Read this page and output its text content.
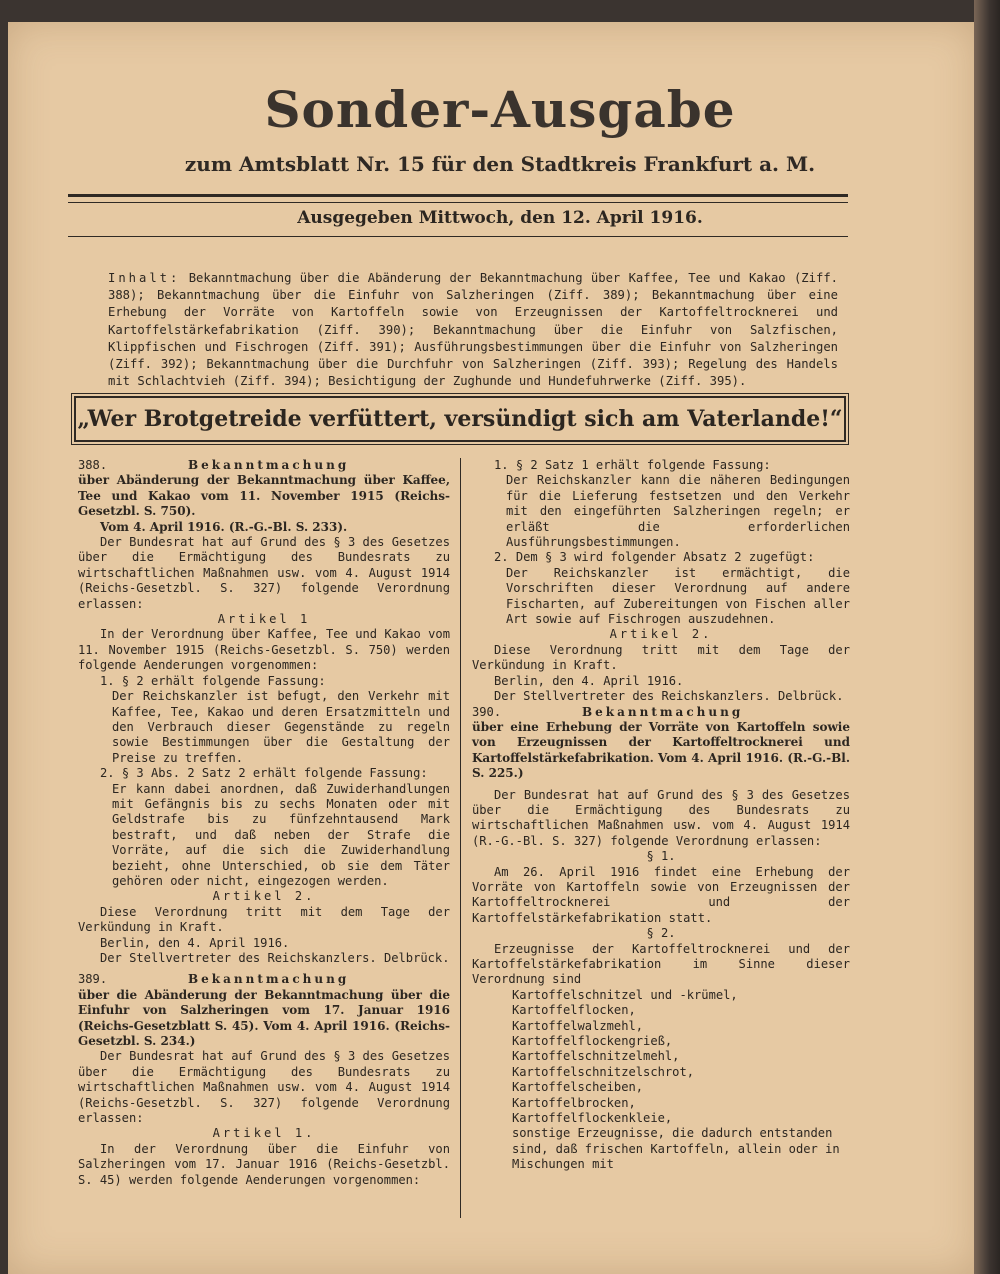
Sonder-Ausgabe
zum Amtsblatt Nr. 15 für den Stadtkreis Frankfurt a. M.
Ausgegeben Mittwoch, den 12. April 1916.
Inhalt: Bekanntmachung über die Abänderung der Bekanntmachung über Kaffee, Tee und Kakao (Ziff. 388); Bekanntmachung über die Einfuhr von Salzheringen (Ziff. 389); Bekanntmachung über eine Erhebung der Vorräte von Kartoffeln sowie von Erzeugnissen der Kartoffeltrocknerei und Kartoffelstärkefabrikation (Ziff. 390); Bekanntmachung über die Einfuhr von Salzfischen, Klippfischen und Fischrogen (Ziff. 391); Ausführungsbestimmungen über die Einfuhr von Salzheringen (Ziff. 392); Bekanntmachung über die Durchfuhr von Salzheringen (Ziff. 393); Regelung des Handels mit Schlachtvieh (Ziff. 394); Besichtigung der Zughunde und Hundefuhrwerke (Ziff. 395).
„Wer Brotgetreide verfüttert, versündigt sich am Vaterlande!“

388.	Bekanntmachung

über Abänderung der Bekanntmachung über Kaffee, Tee und Kakao vom 11. November 1915 (Reichs-Gesetzbl. S. 750).

Vom 4. April 1916. (R.-G.-Bl. S. 233).

Der Bundesrat hat auf Grund des § 3 des Gesetzes über die Ermächtigung des Bundesrats zu wirtschaftlichen Maßnahmen usw. vom 4. August 1914 (Reichs-Gesetzbl. S. 327) folgende Verordnung erlassen:

Artikel 1

In der Verordnung über Kaffee, Tee und Kakao vom 11. November 1915 (Reichs-Gesetzbl. S. 750) werden folgende Aenderungen vorgenommen:

1. § 2 erhält folgende Fassung:

Der Reichskanzler ist befugt, den Verkehr mit Kaffee, Tee, Kakao und deren Ersatzmitteln und den Verbrauch dieser Gegenstände zu regeln sowie Bestimmungen über die Gestaltung der Preise zu treffen.

2. § 3 Abs. 2 Satz 2 erhält folgende Fassung:

Er kann dabei anordnen, daß Zuwiderhandlungen mit Gefängnis bis zu sechs Monaten oder mit Geldstrafe bis zu fünfzehntausend Mark bestraft, und daß neben der Strafe die Vorräte, auf die sich die Zuwiderhandlung bezieht, ohne Unterschied, ob sie dem Täter gehören oder nicht, eingezogen werden.

Artikel 2.

Diese Verordnung tritt mit dem Tage der Verkündung in Kraft.

Berlin, den 4. April 1916.

Der Stellvertreter des Reichskanzlers. Delbrück.

389.	Bekanntmachung

über die Abänderung der Bekanntmachung über die Einfuhr von Salzheringen vom 17. Januar 1916 (Reichs-Gesetzblatt S. 45). Vom 4. April 1916. (Reichs-Gesetzbl. S. 234.)

Der Bundesrat hat auf Grund des § 3 des Gesetzes über die Ermächtigung des Bundesrats zu wirtschaftlichen Maßnahmen usw. vom 4. August 1914 (Reichs-Gesetzbl. S. 327) folgende Verordnung erlassen:

Artikel 1.

In der Verordnung über die Einfuhr von Salzheringen vom 17. Januar 1916 (Reichs-Gesetzbl. S. 45) werden folgende Aenderungen vorgenommen:

1. § 2 Satz 1 erhält folgende Fassung:

Der Reichskanzler kann die näheren Bedingungen für die Lieferung festsetzen und den Verkehr mit den eingeführten Salzheringen regeln; er erläßt die erforderlichen Ausführungsbestimmungen.

2. Dem § 3 wird folgender Absatz 2 zugefügt:

Der Reichskanzler ist ermächtigt, die Vorschriften dieser Verordnung auf andere Fischarten, auf Zubereitungen von Fischen aller Art sowie auf Fischrogen auszudehnen.

Artikel 2.

Diese Verordnung tritt mit dem Tage der Verkündung in Kraft.

Berlin, den 4. April 1916.

Der Stellvertreter des Reichskanzlers. Delbrück.

390.	Bekanntmachung

über eine Erhebung der Vorräte von Kartoffeln sowie von Erzeugnissen der Kartoffeltrocknerei und Kartoffelstärkefabrikation. Vom 4. April 1916. (R.-G.-Bl. S. 225.)

Der Bundesrat hat auf Grund des § 3 des Gesetzes über die Ermächtigung des Bundesrats zu wirtschaftlichen Maßnahmen usw. vom 4. August 1914 (R.-G.-Bl. S. 327) folgende Verordnung erlassen:

§ 1.

Am 26. April 1916 findet eine Erhebung der Vorräte von Kartoffeln sowie von Erzeugnissen der Kartoffeltrocknerei und der Kartoffelstärkefabrikation statt.

§ 2.

Erzeugnisse der Kartoffeltrocknerei und der Kartoffelstärkefabrikation im Sinne dieser Verordnung sind

Kartoffelschnitzel und -krümel,

Kartoffelflocken,

Kartoffelwalzmehl,

Kartoffelflockengrieß,

Kartoffelschnitzelmehl,

Kartoffelschnitzelschrot,

Kartoffelscheiben,

Kartoffelbrocken,

Kartoffelflockenkleie,

sonstige Erzeugnisse, die dadurch entstanden sind, daß frischen Kartoffeln, allein oder in Mischungen mit
